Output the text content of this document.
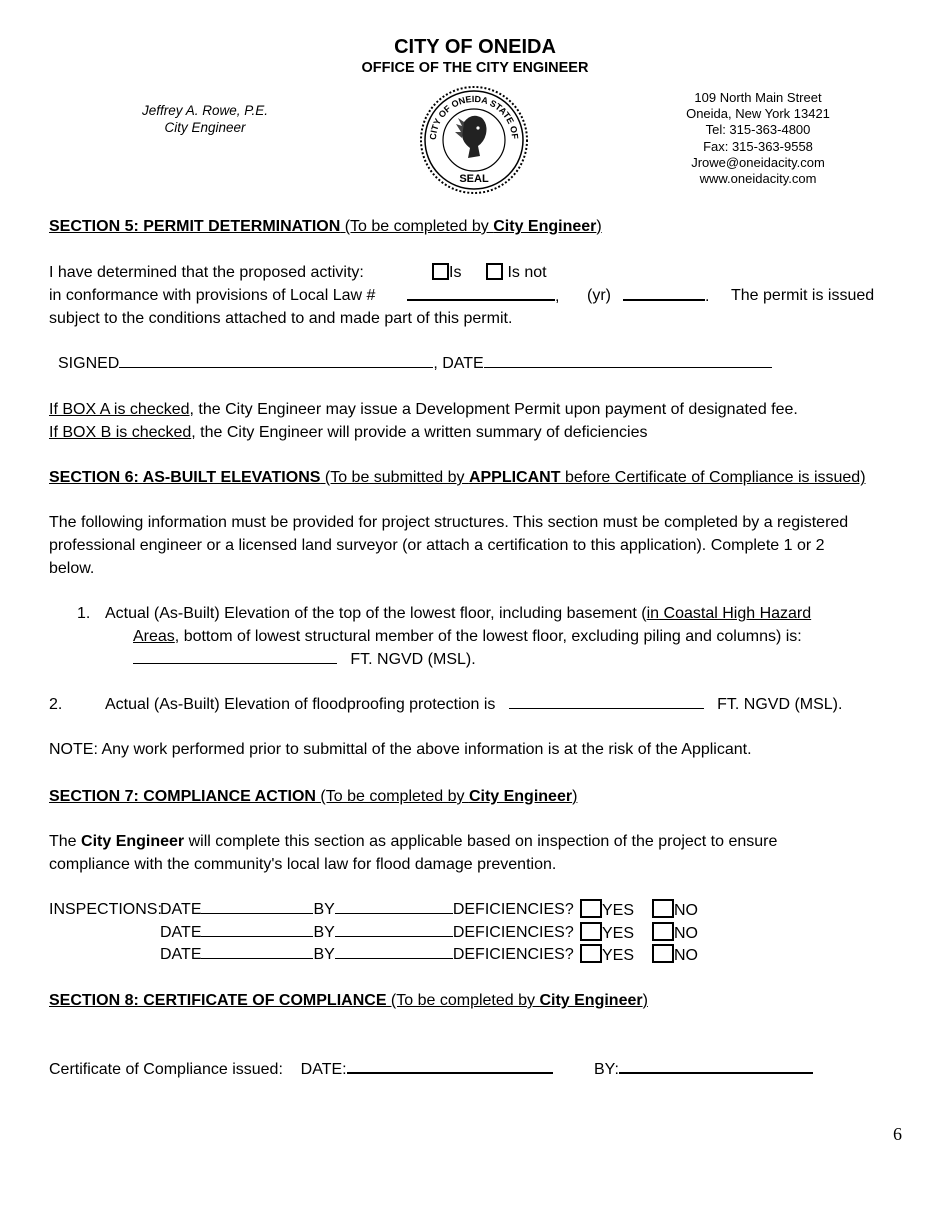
CITY OF ONEIDA
OFFICE OF THE CITY ENGINEER
Jeffrey A. Rowe, P.E.
City Engineer
CITY OF ONEIDA STATE OF
SEAL
109 North Main Street
Oneida, New York 13421
Tel: 315-363-4800
Fax: 315-363-9558
Jrowe@oneidacity.com
www.oneidacity.com
SECTION 5: PERMIT DETERMINATION (To be completed by City Engineer)
I have determined that the proposed activity:	Is	Is not
in conformance with provisions of Local Law #	, (yr)	. The permit is issued
subject to the conditions attached to and made part of this permit.
SIGNED	, DATE
If BOX A is checked, the City Engineer may issue a Development Permit upon payment of designated fee.
If BOX B is checked, the City Engineer will provide a written summary of deficiencies
SECTION 6: AS-BUILT ELEVATIONS (To be submitted by APPLICANT before Certificate of Compliance is issued)
The following information must be provided for project structures. This section must be completed by a registered professional engineer or a licensed land surveyor (or attach a certification to this application). Complete 1 or 2 below.
1. Actual (As-Built) Elevation of the top of the lowest floor, including basement (in Coastal High Hazard
Areas, bottom of lowest structural member of the lowest floor, excluding piling and columns) is:
FT. NGVD (MSL).
2.	Actual (As-Built) Elevation of floodproofing protection is	FT. NGVD (MSL).
NOTE: Any work performed prior to submittal of the above information is at the risk of the Applicant.
SECTION 7: COMPLIANCE ACTION (To be completed by City Engineer)
The City Engineer will complete this section as applicable based on inspection of the project to ensure compliance with the community's local law for flood damage prevention.
INSPECTIONS:
DATE	BY	DEFICIENCIES?	YES	NO
DATE	BY	DEFICIENCIES?	YES	NO
DATE	BY	DEFICIENCIES?	YES	NO
SECTION 8: CERTIFICATE OF COMPLIANCE (To be completed by City Engineer)
Certificate of Compliance issued: DATE:	BY:
6
